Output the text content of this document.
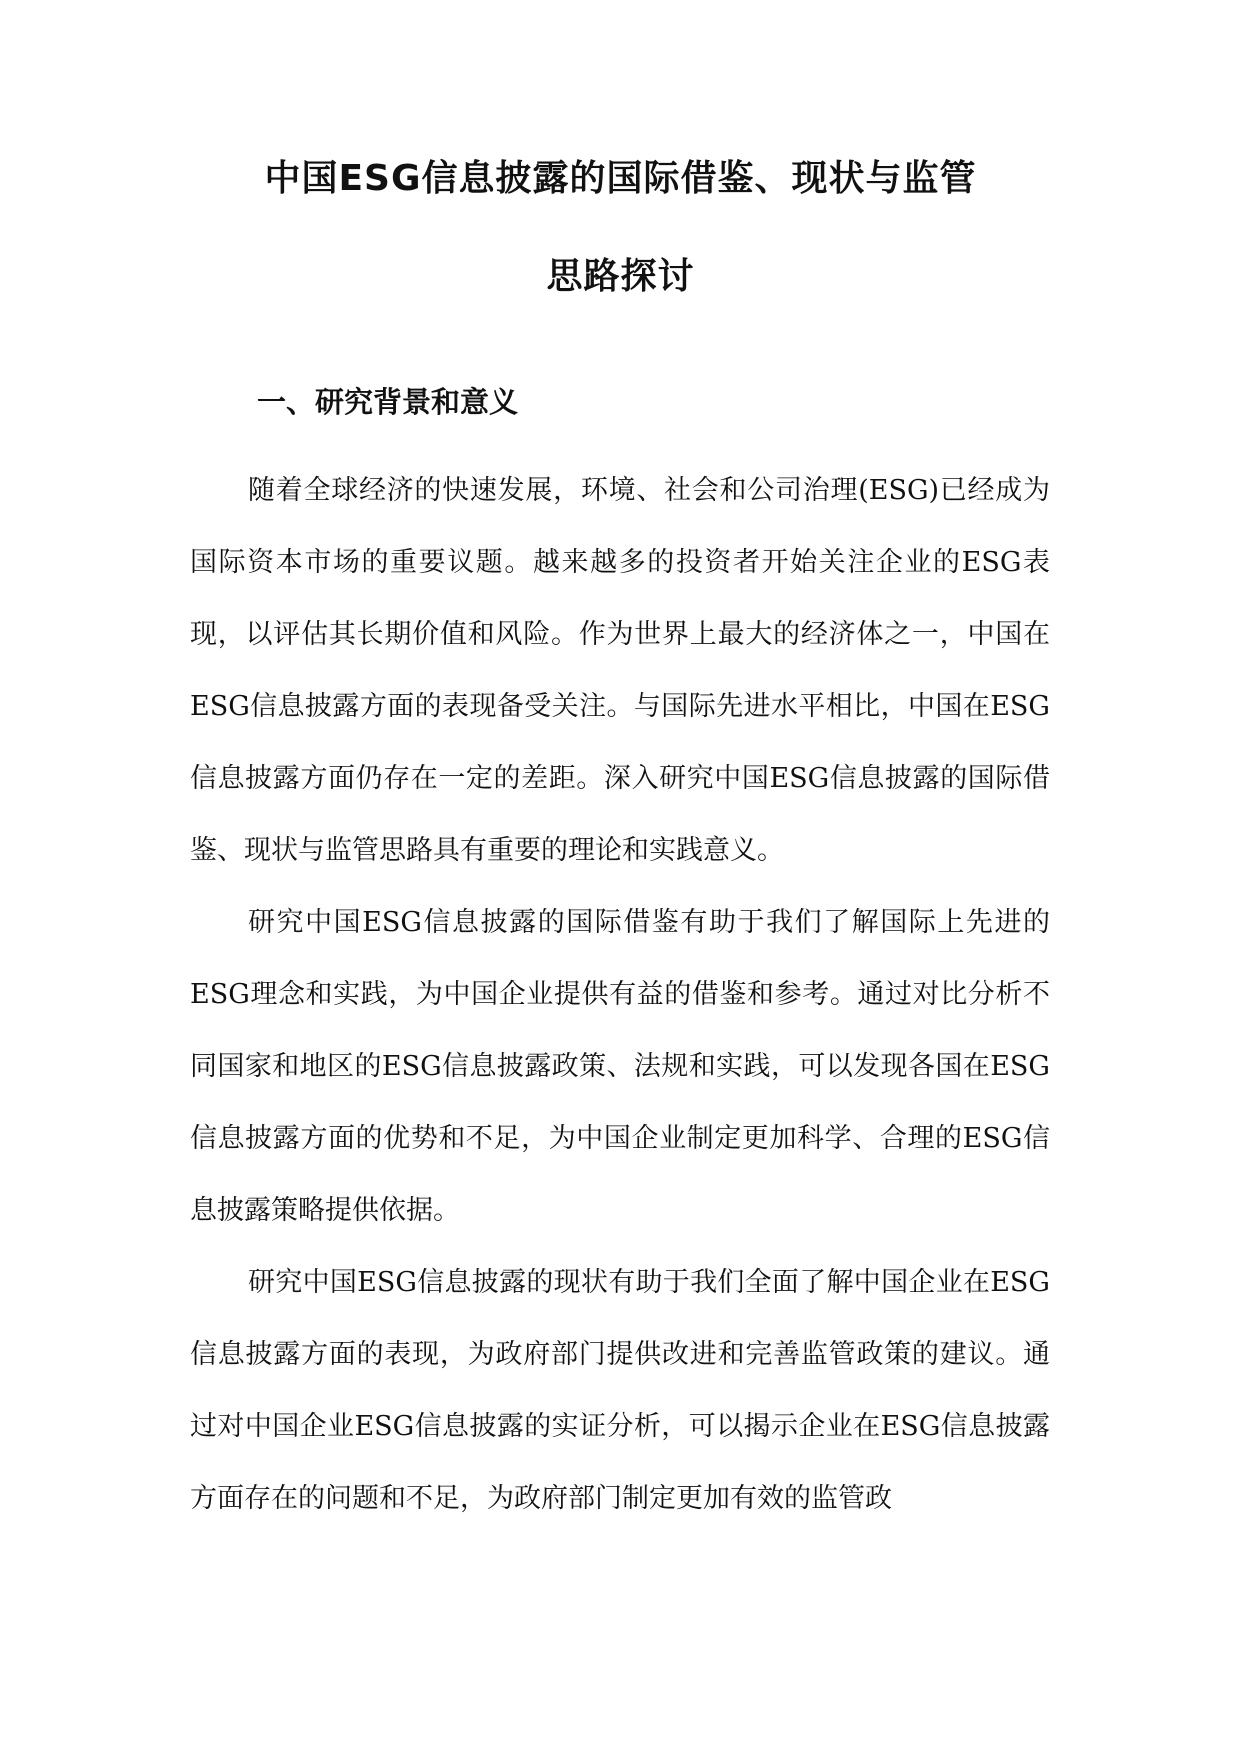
中国ESG信息披露的国际借鉴、现状与监管
思路探讨
一、研究背景和意义

随着全球经济的快速发展，环境、社会和公司治理(ESG)已经成为国际资本市场的重要议题。越来越多的投资者开始关注企业的ESG表现，以评估其长期价值和风险。作为世界上最大的经济体之一，中国在ESG信息披露方面的表现备受关注。与国际先进水平相比，中国在ESG信息披露方面仍存在一定的差距。深入研究中国ESG信息披露的国际借鉴、现状与监管思路具有重要的理论和实践意义。

研究中国ESG信息披露的国际借鉴有助于我们了解国际上先进的ESG理念和实践，为中国企业提供有益的借鉴和参考。通过对比分析不同国家和地区的ESG信息披露政策、法规和实践，可以发现各国在ESG信息披露方面的优势和不足，为中国企业制定更加科学、合理的ESG信息披露策略提供依据。

研究中国ESG信息披露的现状有助于我们全面了解中国企业在ESG信息披露方面的表现，为政府部门提供改进和完善监管政策的建议。通过对中国企业ESG信息披露的实证分析，可以揭示企业在ESG信息披露方面存在的问题和不足，为政府部门制定更加有效的监管政
